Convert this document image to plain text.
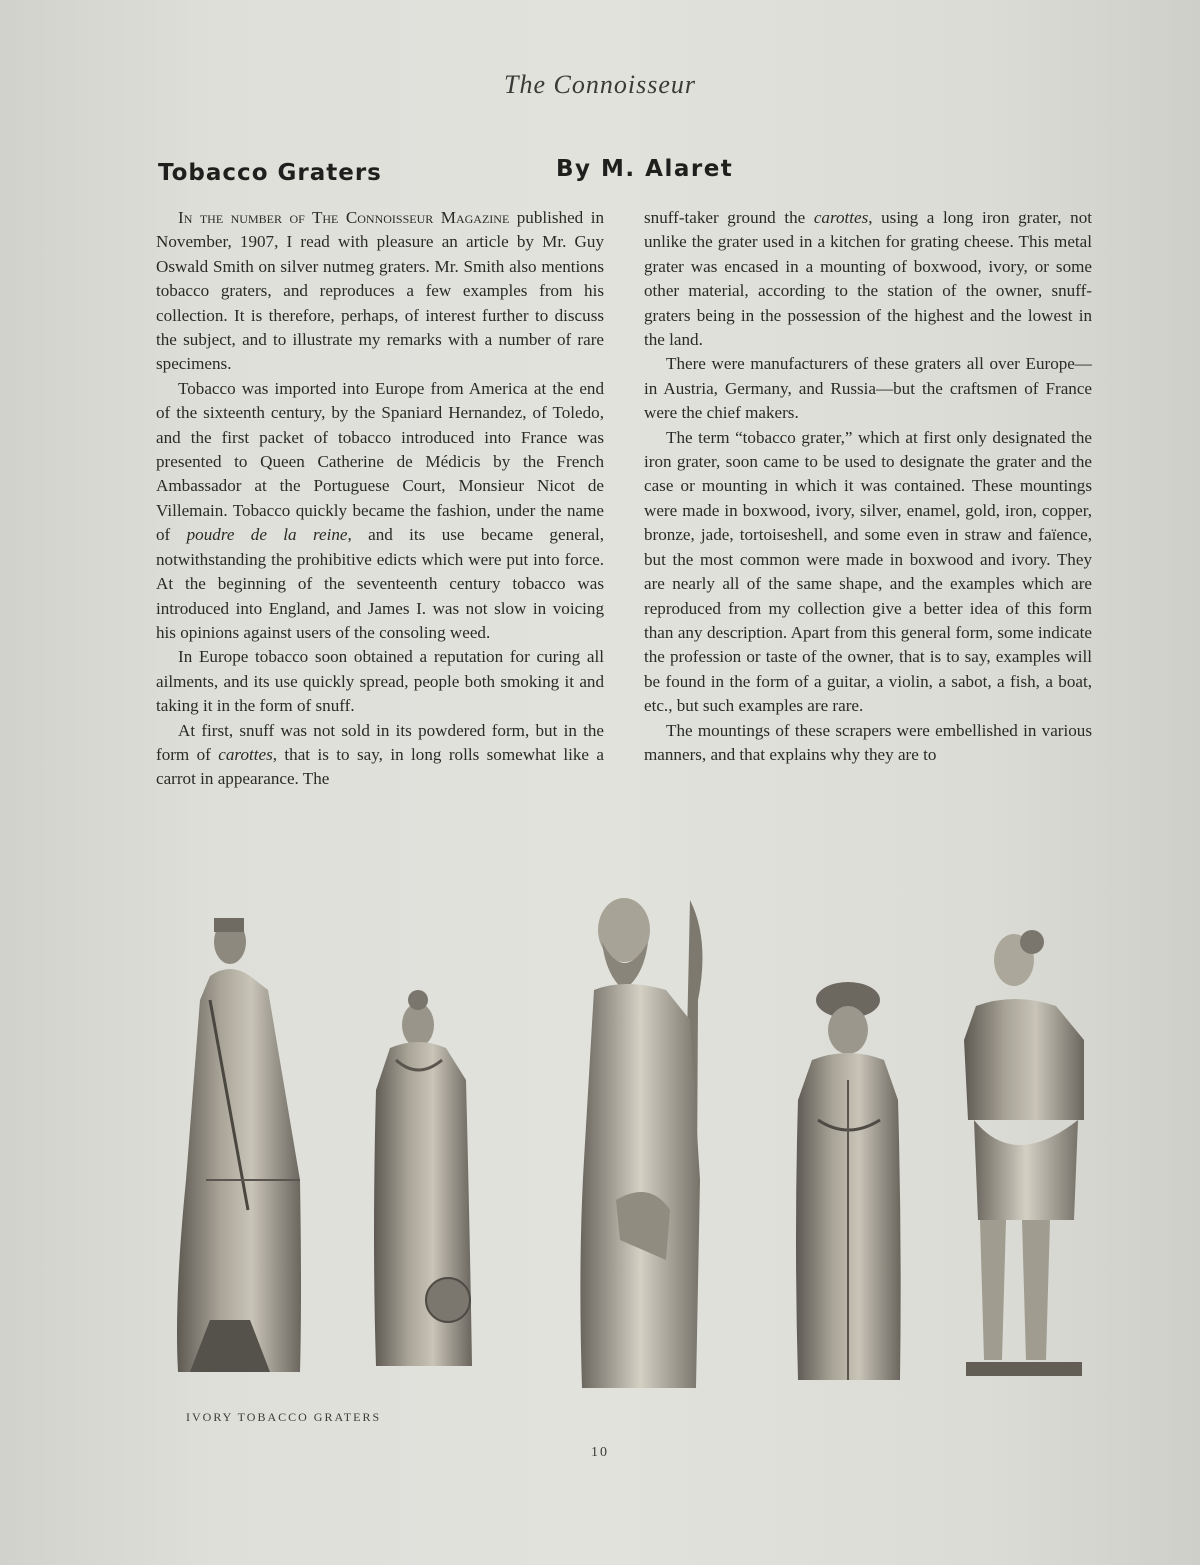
The Connoisseur
Tobacco Graters	By M. Alaret

In the number of The Connoisseur Magazine published in November, 1907, I read with pleasure an article by Mr. Guy Oswald Smith on silver nutmeg graters. Mr. Smith also mentions tobacco graters, and reproduces a few examples from his collection. It is therefore, perhaps, of interest further to discuss the subject, and to illustrate my remarks with a number of rare specimens.

Tobacco was imported into Europe from America at the end of the sixteenth century, by the Spaniard Hernandez, of Toledo, and the first packet of tobacco introduced into France was presented to Queen Catherine de Médicis by the French Ambassador at the Portuguese Court, Monsieur Nicot de Villemain. Tobacco quickly became the fashion, under the name of poudre de la reine, and its use became general, notwithstanding the prohibitive edicts which were put into force. At the beginning of the seventeenth century tobacco was introduced into England, and James I. was not slow in voicing his opinions against users of the consoling weed.

In Europe tobacco soon obtained a reputation for curing all ailments, and its use quickly spread, people both smoking it and taking it in the form of snuff.

At first, snuff was not sold in its powdered form, but in the form of carottes, that is to say, in long rolls somewhat like a carrot in appearance. The

snuff-taker ground the carottes, using a long iron grater, not unlike the grater used in a kitchen for grating cheese. This metal grater was encased in a mounting of boxwood, ivory, or some other material, according to the station of the owner, snuff-graters being in the possession of the highest and the lowest in the land.

There were manufacturers of these graters all over Europe—in Austria, Germany, and Russia—but the craftsmen of France were the chief makers.

The term “tobacco grater,” which at first only designated the iron grater, soon came to be used to designate the grater and the case or mounting in which it was contained. These mountings were made in boxwood, ivory, silver, enamel, gold, iron, copper, bronze, jade, tortoiseshell, and some even in straw and faïence, but the most common were made in boxwood and ivory. They are nearly all of the same shape, and the examples which are reproduced from my collection give a better idea of this form than any description. Apart from this general form, some indicate the profession or taste of the owner, that is to say, examples will be found in the form of a guitar, a violin, a sabot, a fish, a boat, etc., but such examples are rare.

The mountings of these scrapers were embellished in various manners, and that explains why they are to

IVORY TOBACCO GRATERS
10
